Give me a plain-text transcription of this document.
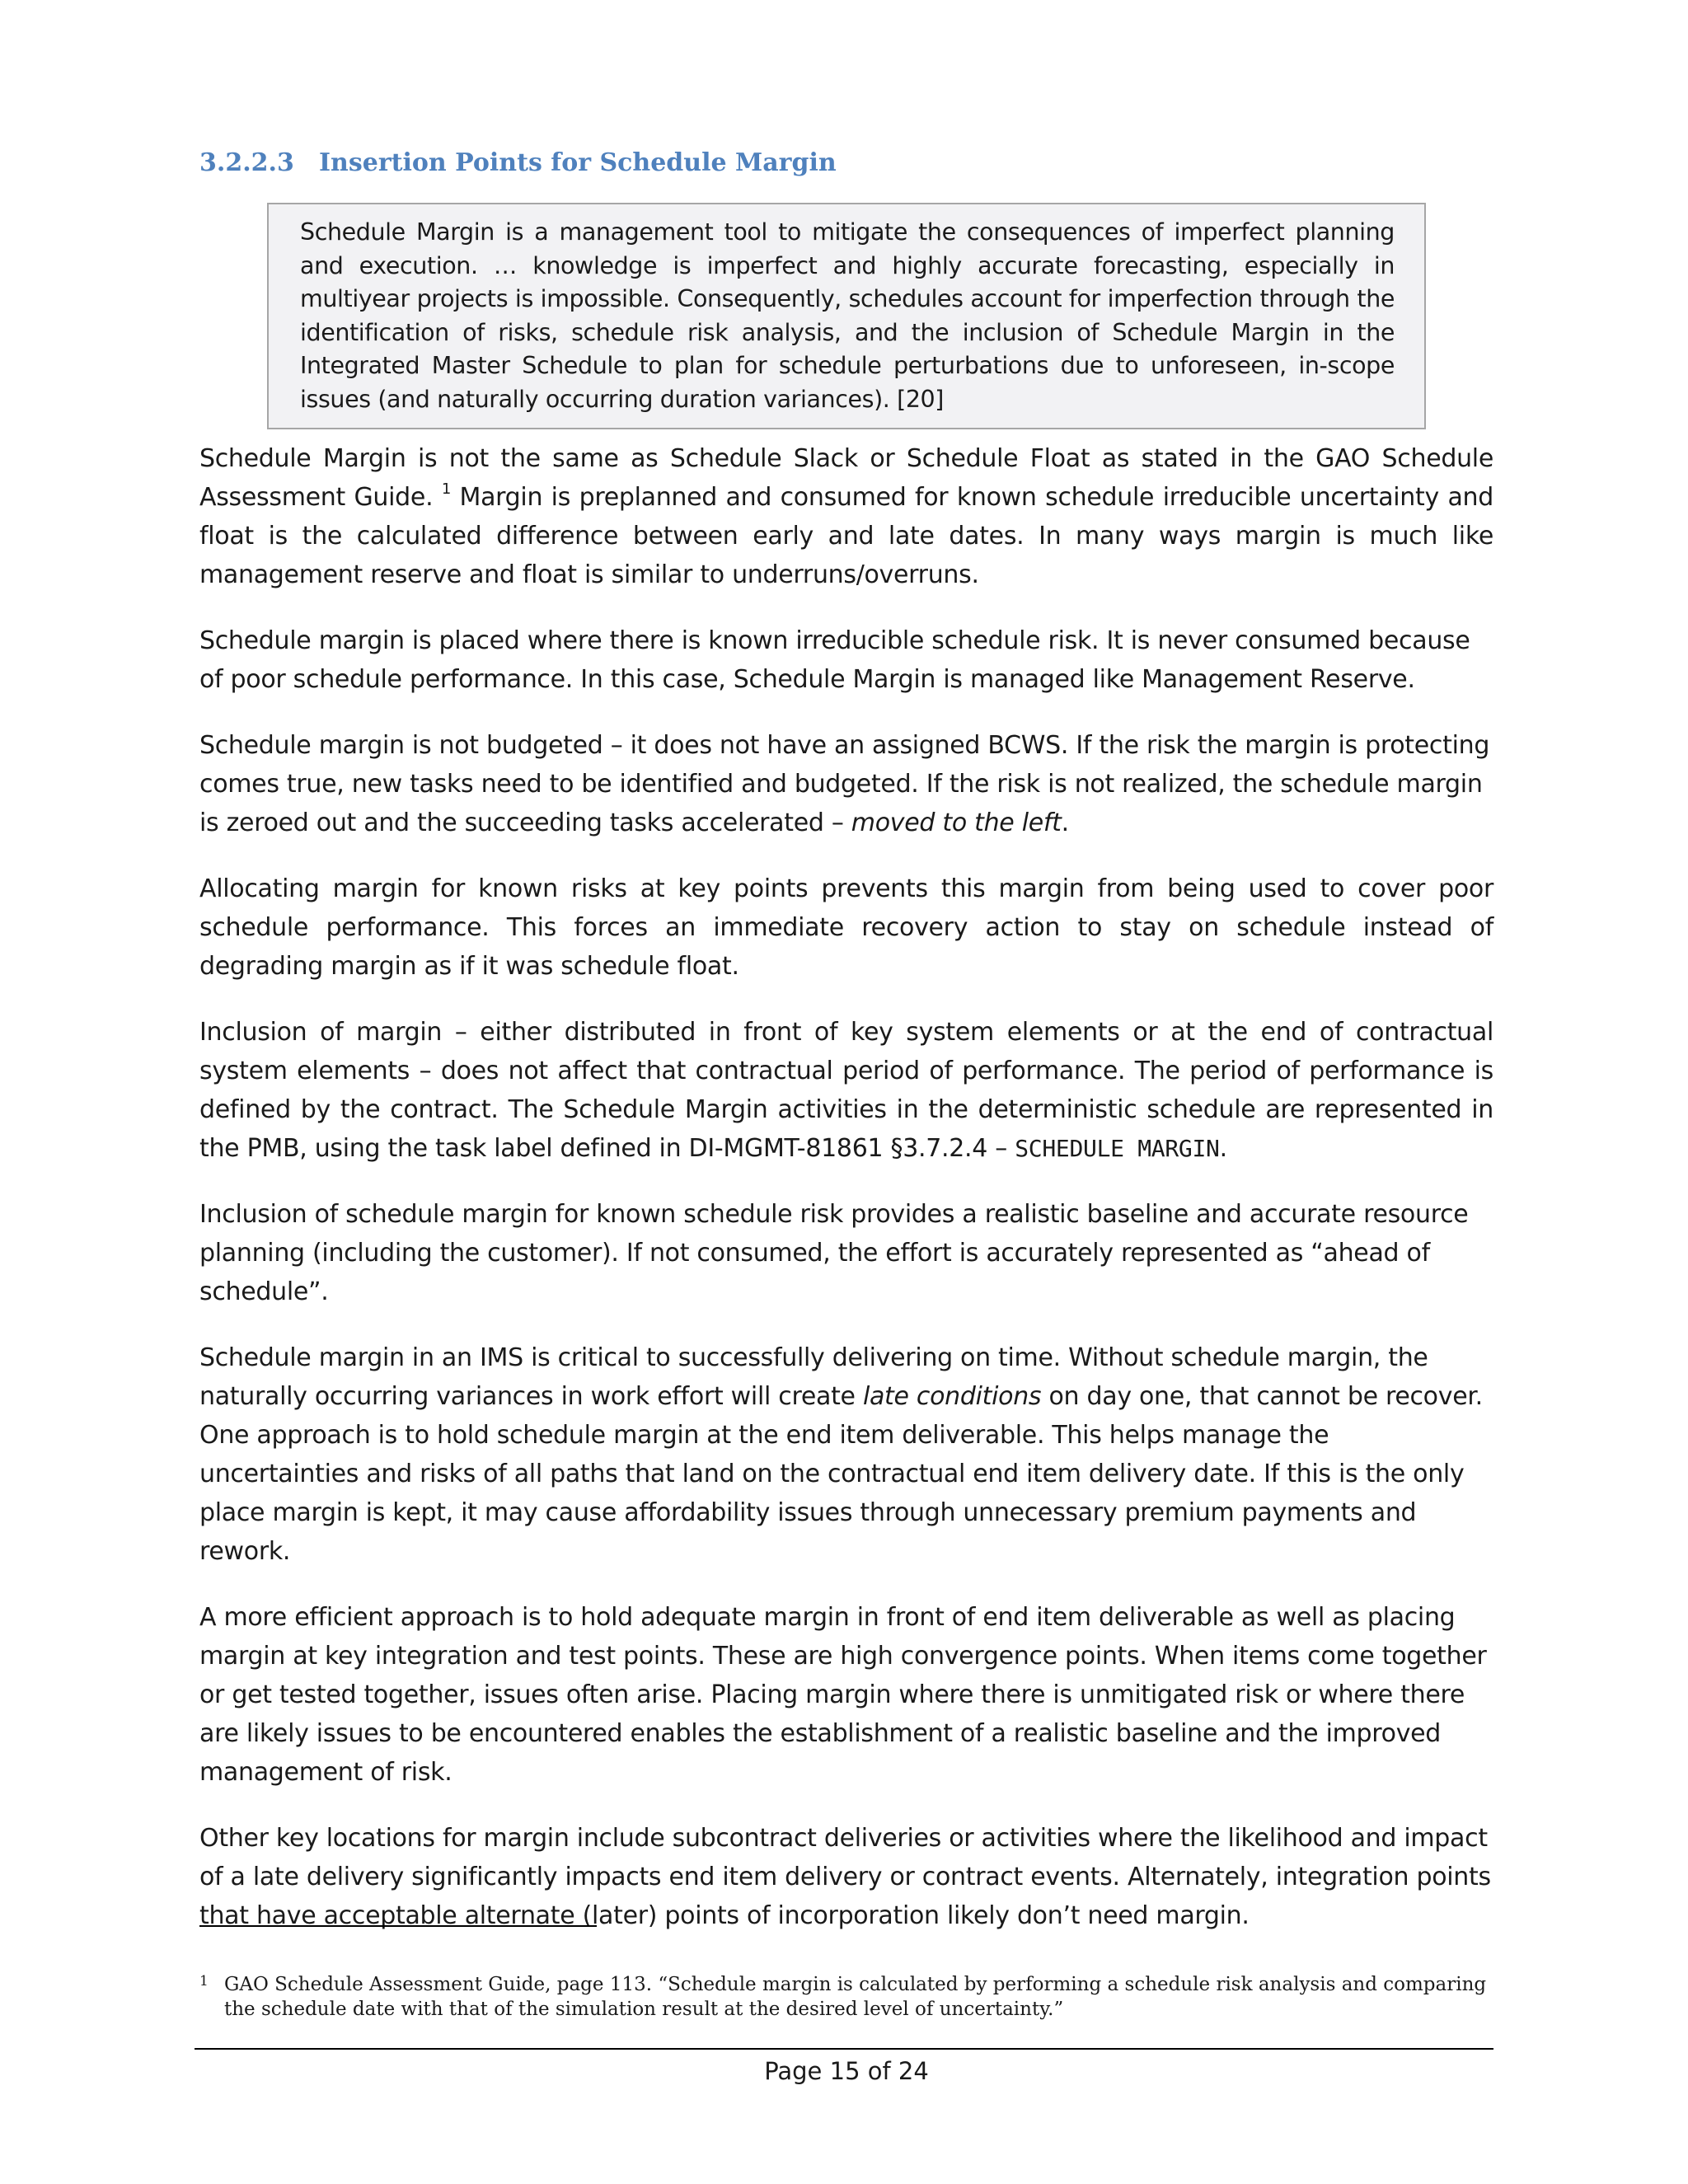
3.2.2.3 Insertion Points for Schedule Margin
Schedule Margin is a management tool to mitigate the consequences of imperfect planning and execution. … knowledge is imperfect and highly accurate forecasting, especially in multiyear projects is impossible. Consequently, schedules account for imperfection through the identification of risks, schedule risk analysis, and the inclusion of Schedule Margin in the Integrated Master Schedule to plan for schedule perturbations due to unforeseen, in-scope issues (and naturally occurring duration variances). [20]

Schedule Margin is not the same as Schedule Slack or Schedule Float as stated in the GAO Schedule Assessment Guide. $^1$ Margin is preplanned and consumed for known schedule irreducible uncertainty and float is the calculated difference between early and late dates. In many ways margin is much like management reserve and float is similar to underruns/overruns.

Schedule margin is placed where there is known irreducible schedule risk. It is never consumed because of poor schedule performance. In this case, Schedule Margin is managed like Management Reserve.

Schedule margin is not budgeted – it does not have an assigned BCWS. If the risk the margin is protecting comes true, new tasks need to be identified and budgeted. If the risk is not realized, the schedule margin is zeroed out and the succeeding tasks accelerated – moved to the left.

Allocating margin for known risks at key points prevents this margin from being used to cover poor schedule performance. This forces an immediate recovery action to stay on schedule instead of degrading margin as if it was schedule float.

Inclusion of margin – either distributed in front of key system elements or at the end of contractual system elements – does not affect that contractual period of performance. The period of performance is defined by the contract. The Schedule Margin activities in the deterministic schedule are represented in the PMB, using the task label defined in DI-MGMT-81861 §3.7.2.4 – SCHEDULE MARGIN.

Inclusion of schedule margin for known schedule risk provides a realistic baseline and accurate resource planning (including the customer). If not consumed, the effort is accurately represented as “ahead of schedule”.

Schedule margin in an IMS is critical to successfully delivering on time. Without schedule margin, the naturally occurring variances in work effort will create late conditions on day one, that cannot be recover. One approach is to hold schedule margin at the end item deliverable. This helps manage the uncertainties and risks of all paths that land on the contractual end item delivery date. If this is the only place margin is kept, it may cause affordability issues through unnecessary premium payments and rework.

A more efficient approach is to hold adequate margin in front of end item deliverable as well as placing margin at key integration and test points. These are high convergence points. When items come together or get tested together, issues often arise. Placing margin where there is unmitigated risk or where there are likely issues to be encountered enables the establishment of a realistic baseline and the improved management of risk.

Other key locations for margin include subcontract deliveries or activities where the likelihood and impact of a late delivery significantly impacts end item delivery or contract events. Alternately, integration points that have acceptable alternate (later) points of incorporation likely don’t need margin.

1 GAO Schedule Assessment Guide, page 113. “Schedule margin is calculated by performing a schedule risk analysis and comparing the schedule date with that of the simulation result at the desired level of uncertainty.”
Page 15 of 24
